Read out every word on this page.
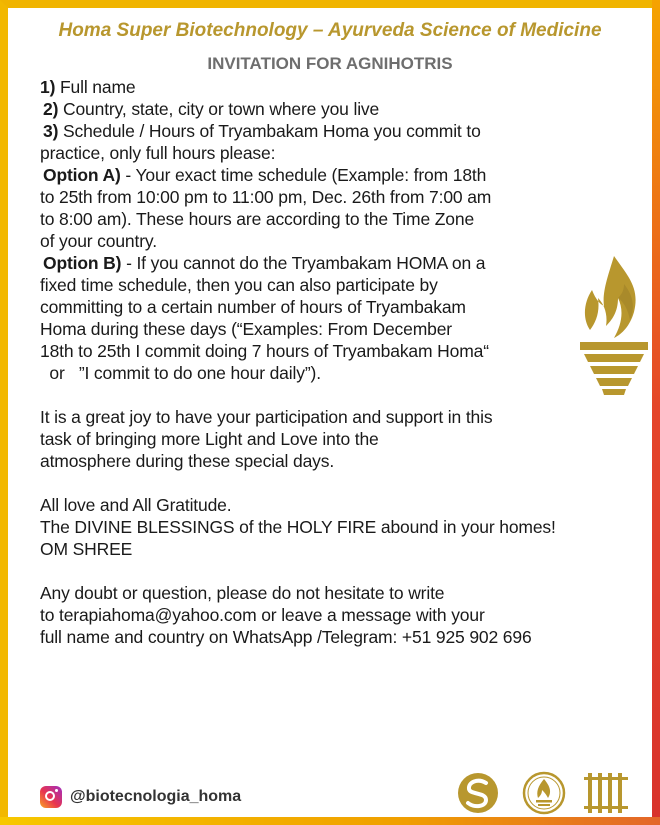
Homa Super Biotechnology – Ayurveda Science of Medicine
INVITATION FOR AGNIHOTRIS

1) Full name

2) Country, state, city or town where you live

3) Schedule / Hours of Tryambakam Homa you commit to

practice, only full hours please:

Option A) - Your exact time schedule (Example: from 18th

to 25th from 10:00 pm to 11:00 pm, Dec. 26th from 7:00 am

to 8:00 am). These hours are according to the Time Zone

of your country.

Option B) - If you cannot do the Tryambakam HOMA on a

fixed time schedule, then you can also participate by

committing to a certain number of hours of Tryambakam

Homa during these days (“Examples: From December

18th to 25th I commit doing 7 hours of Tryambakam Homa“

or   ”I commit to do one hour daily”).

It is a great joy to have your participation and support in this

task of bringing more Light and Love into the

atmosphere during these special days.

All love and All Gratitude.

The DIVINE BLESSINGS of the HOLY FIRE abound in your homes!

OM SHREE

Any doubt or question, please do not hesitate to write

to terapiahoma@yahoo.com or leave a message with your

full name and country on WhatsApp /Telegram: +51 925 902 696

@biotecnologia_homa
